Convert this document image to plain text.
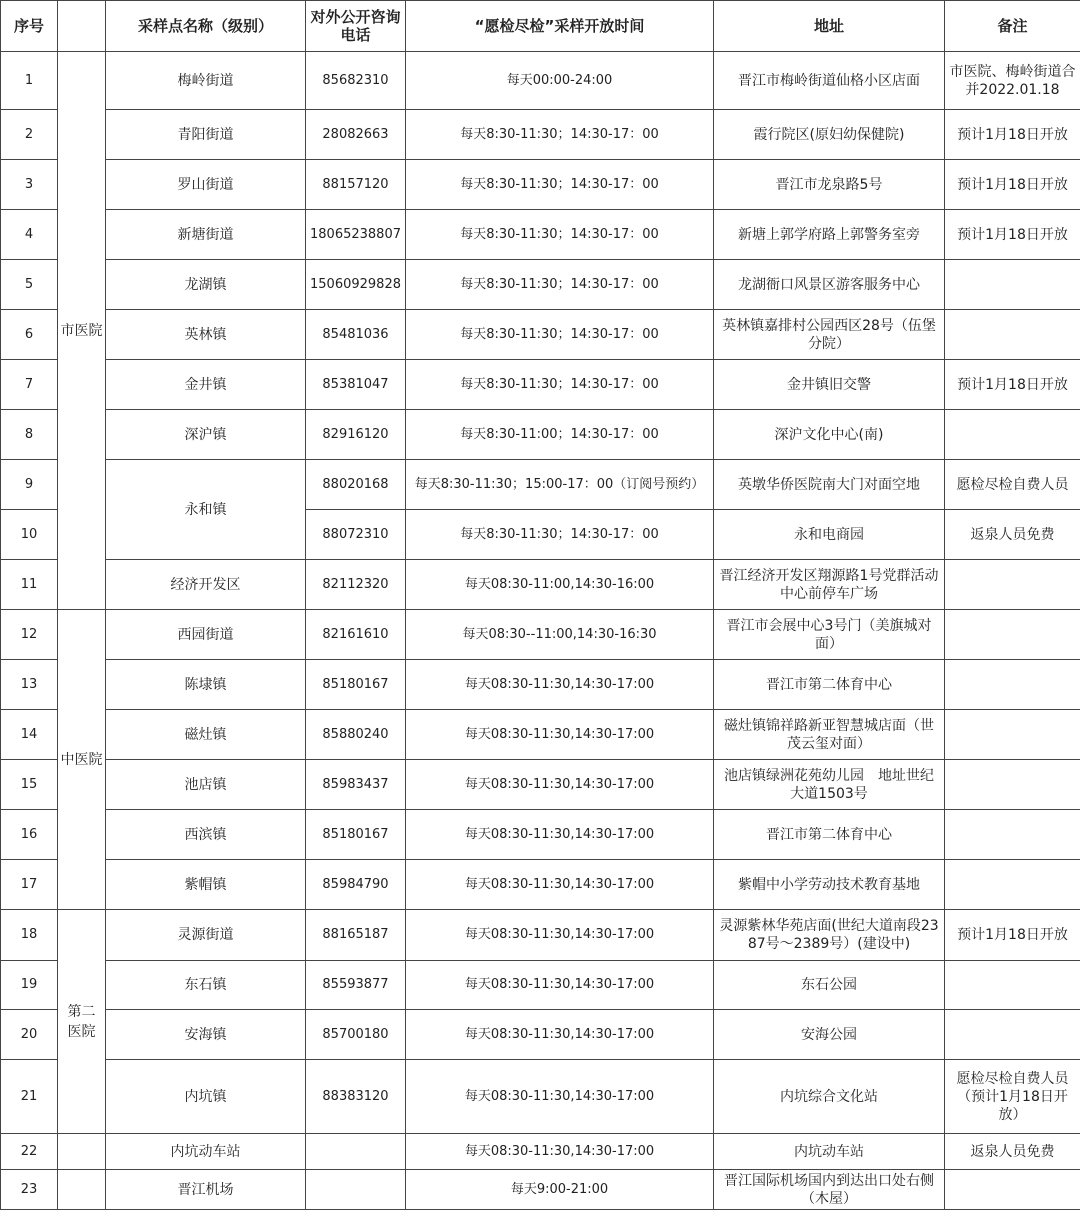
序号		采样点名称（级别）	对外公开咨询电话	“愿检尽检”采样开放时间	地址	备注
1	市医院	梅岭街道	85682310	每天00:00-24:00	晋江市梅岭街道仙格小区店面	市医院、梅岭街道合并2022.01.18
2		青阳街道	28082663	每天8:30-11:30；14:30-17：00	霞行院区(原妇幼保健院)	预计1月18日开放
3		罗山街道	88157120	每天8:30-11:30；14:30-17：00	晋江市龙泉路5号	预计1月18日开放
4		新塘街道	18065238807	每天8:30-11:30；14:30-17：00	新塘上郭学府路上郭警务室旁	预计1月18日开放
5		龙湖镇	15060929828	每天8:30-11:30；14:30-17：00	龙湖衙口风景区游客服务中心	
6		英林镇	85481036	每天8:30-11:30；14:30-17：00	英林镇嘉排村公园西区28号（伍堡分院）	
7		金井镇	85381047	每天8:30-11:30；14:30-17：00	金井镇旧交警	预计1月18日开放
8		深沪镇	82916120	每天8:30-11:00；14:30-17：00	深沪文化中心(南)	
9		永和镇	88020168	每天8:30-11:30；15:00-17：00（订阅号预约）	英墩华侨医院南大门对面空地	愿检尽检自费人员
10			88072310	每天8:30-11:30；14:30-17：00	永和电商园	返泉人员免费
11		经济开发区	82112320	每天08:30-11:00,14:30-16:00	晋江经济开发区翔源路1号党群活动中心前停车广场	
12	中医院	西园街道	82161610	每天08:30--11:00,14:30-16:30	晋江市会展中心3号门（美旗城对面）	
13		陈埭镇	85180167	每天08:30-11:30,14:30-17:00	晋江市第二体育中心	
14		磁灶镇	85880240	每天08:30-11:30,14:30-17:00	磁灶镇锦祥路新亚智慧城店面（世茂云玺对面）	
15		池店镇	85983437	每天08:30-11:30,14:30-17:00	池店镇绿洲花苑幼儿园　地址世纪大道1503号	
16		西滨镇	85180167	每天08:30-11:30,14:30-17:00	晋江市第二体育中心	
17		紫帽镇	85984790	每天08:30-11:30,14:30-17:00	紫帽中小学劳动技术教育基地	
18	第二医院	灵源街道	88165187	每天08:30-11:30,14:30-17:00	灵源紫林华苑店面(世纪大道南段2387号～2389号）(建设中)	预计1月18日开放
19		东石镇	85593877	每天08:30-11:30,14:30-17:00	东石公园	
20		安海镇	85700180	每天08:30-11:30,14:30-17:00	安海公园	
21		内坑镇	88383120	每天08:30-11:30,14:30-17:00	内坑综合文化站	愿检尽检自费人员（预计1月18日开放）
22		内坑动车站		每天08:30-11:30,14:30-17:00	内坑动车站	返泉人员免费
23		晋江机场		每天9:00-21:00	晋江国际机场国内到达出口处右侧（木屋）	
